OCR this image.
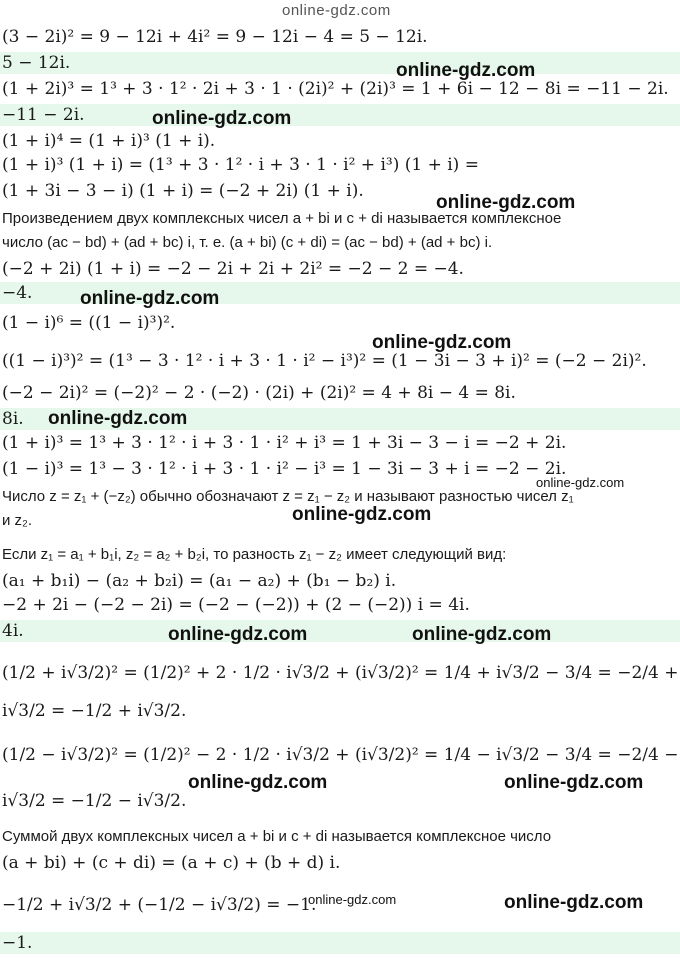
online-gdz.com
(3 − 2i)² = 9 − 12i + 4i² = 9 − 12i − 4 = 5 − 12i.
5 − 12i.
(1 + 2i)³ = 1³ + 3 · 1² · 2i + 3 · 1 · (2i)² + (2i)³ = 1 + 6i − 12 − 8i = −11 − 2i.
−11 − 2i.
(1 + i)⁴ = (1 + i)³ (1 + i).
(1 + i)³ (1 + i) = (1³ + 3 · 1² · i + 3 · 1 · i² + i³) (1 + i) =
(1 + 3i − 3 − i) (1 + i) = (−2 + 2i) (1 + i).
Произведением двух комплексных чисел a + bi и c + di называется комплексное
число (ac − bd) + (ad + bc) i, т. е. (a + bi) (c + di) = (ac − bd) + (ad + bc) i.
(−2 + 2i) (1 + i) = −2 − 2i + 2i + 2i² = −2 − 2 = −4.
−4.
(1 − i)⁶ = ((1 − i)³)².
((1 − i)³)² = (1³ − 3 · 1² · i + 3 · 1 · i² − i³)² = (1 − 3i − 3 + i)² = (−2 − 2i)².
(−2 − 2i)² = (−2)² − 2 · (−2) · (2i) + (2i)² = 4 + 8i − 4 = 8i.
8i.
(1 + i)³ = 1³ + 3 · 1² · i + 3 · 1 · i² + i³ = 1 + 3i − 3 − i = −2 + 2i.
(1 − i)³ = 1³ − 3 · 1² · i + 3 · 1 · i² − i³ = 1 − 3i − 3 + i = −2 − 2i.
Число z = z₁ + (−z₂) обычно обозначают z = z₁ − z₂ и называют разностью чисел z₁
и z₂.
Если z₁ = a₁ + b₁i, z₂ = a₂ + b₂i, то разность z₁ − z₂ имеет следующий вид:
(a₁ + b₁i) − (a₂ + b₂i) = (a₁ − a₂) + (b₁ − b₂) i.
−2 + 2i − (−2 − 2i) = (−2 − (−2)) + (2 − (−2)) i = 4i.
4i.
(1/2 + i√3/2)² = (1/2)² + 2 · 1/2 · i√3/2 + (i√3/2)² = 1/4 + i√3/2 − 3/4 = −2/4 +
i√3/2 = −1/2 + i√3/2.
(1/2 − i√3/2)² = (1/2)² − 2 · 1/2 · i√3/2 + (i√3/2)² = 1/4 − i√3/2 − 3/4 = −2/4 −
i√3/2 = −1/2 − i√3/2.
Суммой двух комплексных чисел a + bi и c + di называется комплексное число
(a + bi) + (c + di) = (a + c) + (b + d) i.
−1/2 + i√3/2 + (−1/2 − i√3/2) = −1.
−1.
online-gdz.com
online-gdz.com
online-gdz.com
online-gdz.com
online-gdz.com
online-gdz.com
online-gdz.com
online-gdz.com
online-gdz.com	online-gdz.com
online-gdz.com	online-gdz.com
online-gdz.com	online-gdz.com
